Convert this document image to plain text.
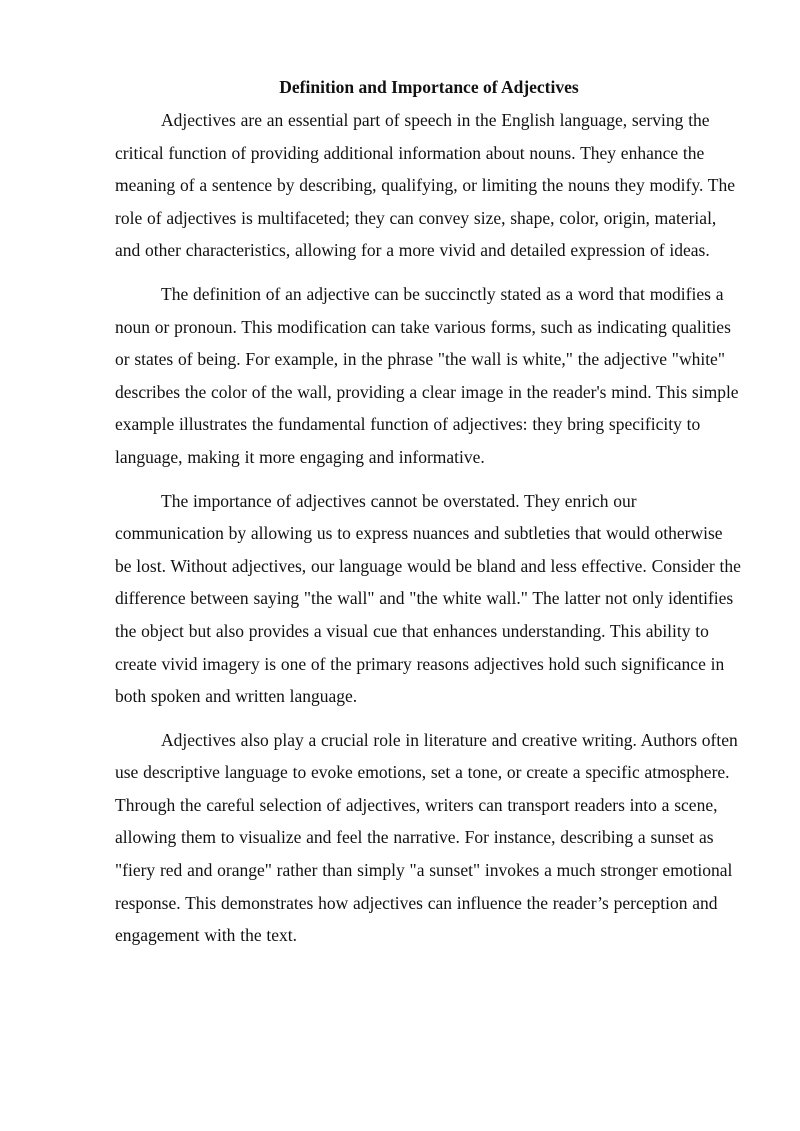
Definition and Importance of Adjectives

Adjectives are an essential part of speech in the English language, serving the critical function of providing additional information about nouns. They enhance the meaning of a sentence by describing, qualifying, or limiting the nouns they modify. The role of adjectives is multifaceted; they can convey size, shape, color, origin, material, and other characteristics, allowing for a more vivid and detailed expression of ideas.

The definition of an adjective can be succinctly stated as a word that modifies a noun or pronoun. This modification can take various forms, such as indicating qualities or states of being. For example, in the phrase "the wall is white," the adjective "white" describes the color of the wall, providing a clear image in the reader's mind. This simple example illustrates the fundamental function of adjectives: they bring specificity to language, making it more engaging and informative.

The importance of adjectives cannot be overstated. They enrich our communication by allowing us to express nuances and subtleties that would otherwise be lost. Without adjectives, our language would be bland and less effective. Consider the difference between saying "the wall" and "the white wall." The latter not only identifies the object but also provides a visual cue that enhances understanding. This ability to create vivid imagery is one of the primary reasons adjectives hold such significance in both spoken and written language.

Adjectives also play a crucial role in literature and creative writing. Authors often use descriptive language to evoke emotions, set a tone, or create a specific atmosphere. Through the careful selection of adjectives, writers can transport readers into a scene, allowing them to visualize and feel the narrative. For instance, describing a sunset as "fiery red and orange" rather than simply "a sunset" invokes a much stronger emotional response. This demonstrates how adjectives can influence the reader’s perception and engagement with the text.
